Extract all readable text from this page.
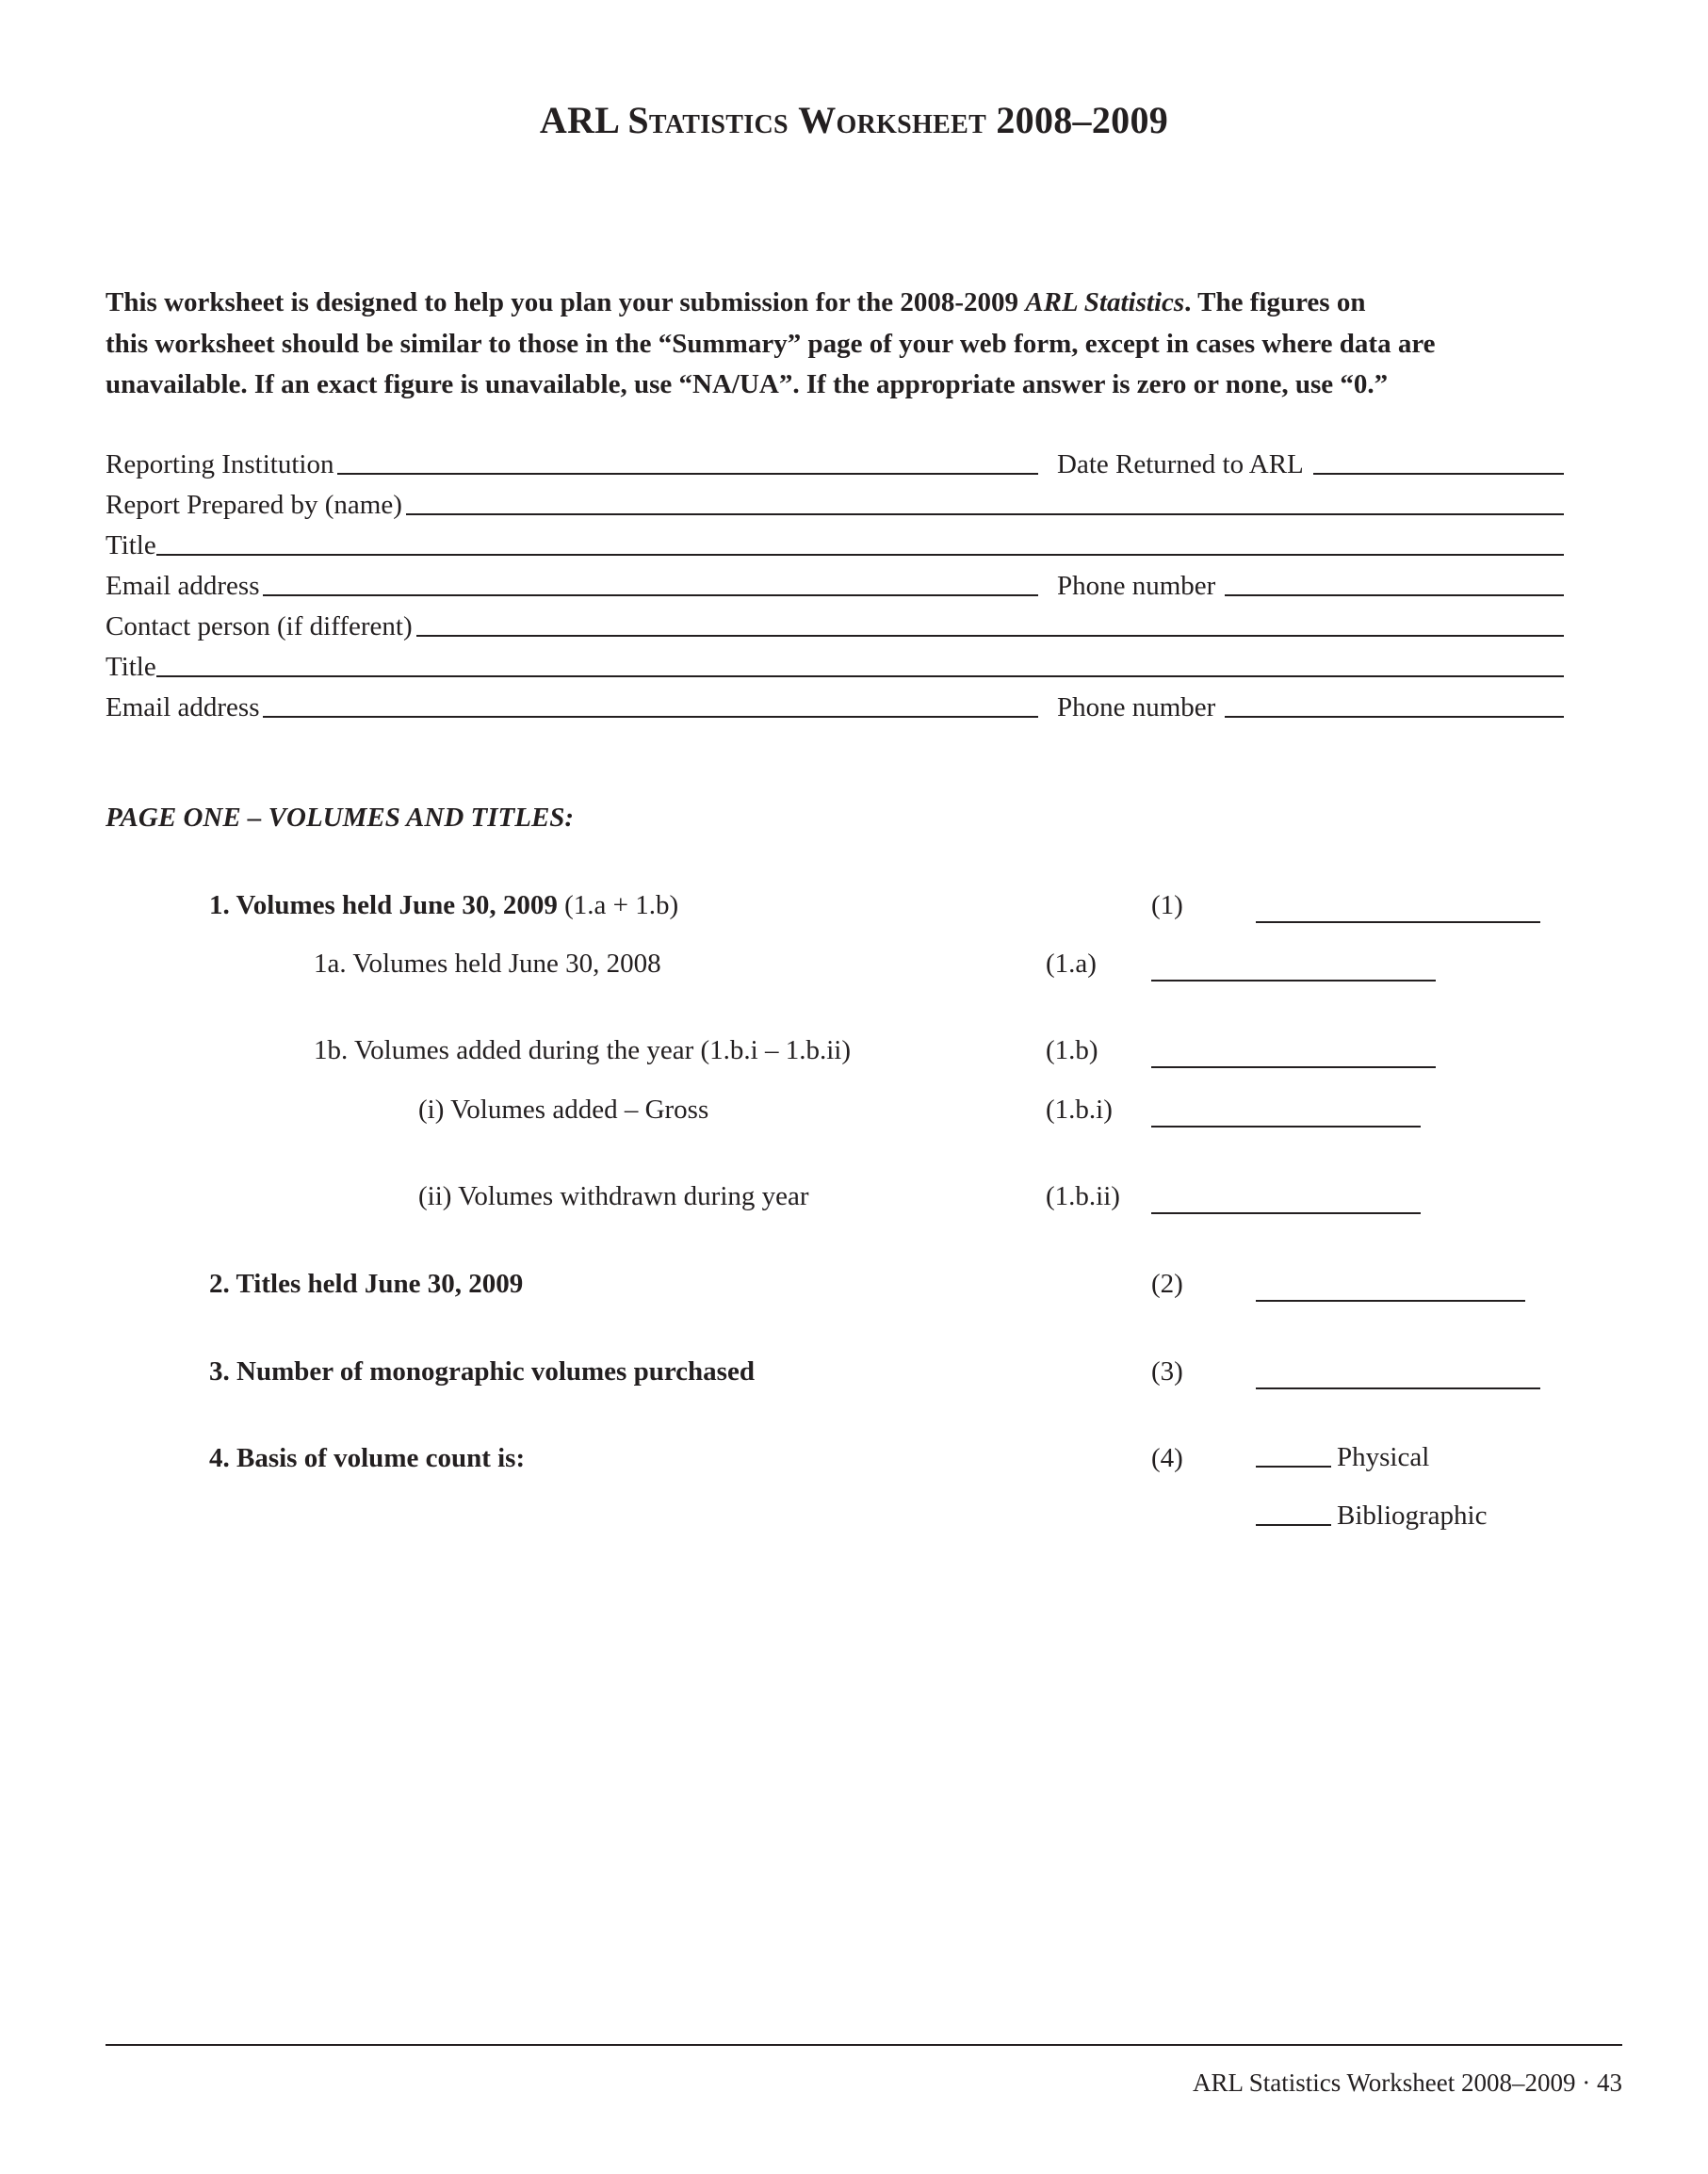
ARL Statistics Worksheet 2008–2009
This worksheet is designed to help you plan your submission for the 2008-2009 ARL Statistics. The figures on
this worksheet should be similar to those in the “Summary” page of your web form, except in cases where data are
unavailable. If an exact figure is unavailable, use “NA/UA”. If the appropriate answer is zero or none, use “0.”
Reporting Institution	Date Returned to ARL
Report Prepared by (name)
Title
Email address	Phone number
Contact person (if different)
Title
Email address	Phone number
PAGE ONE – VOLUMES AND TITLES:
1. Volumes held June 30, 2009 (1.a + 1.b)	(1)
1a. Volumes held June 30, 2008	(1.a)
1b. Volumes added during the year (1.b.i – 1.b.ii)	(1.b)
(i) Volumes added – Gross	(1.b.i)
(ii) Volumes withdrawn during year	(1.b.ii)
2. Titles held June 30, 2009	(2)
3. Number of monographic volumes purchased	(3)
4. Basis of volume count is:	(4)	Physical
Bibliographic
ARL Statistics Worksheet 2008–2009 · 43
